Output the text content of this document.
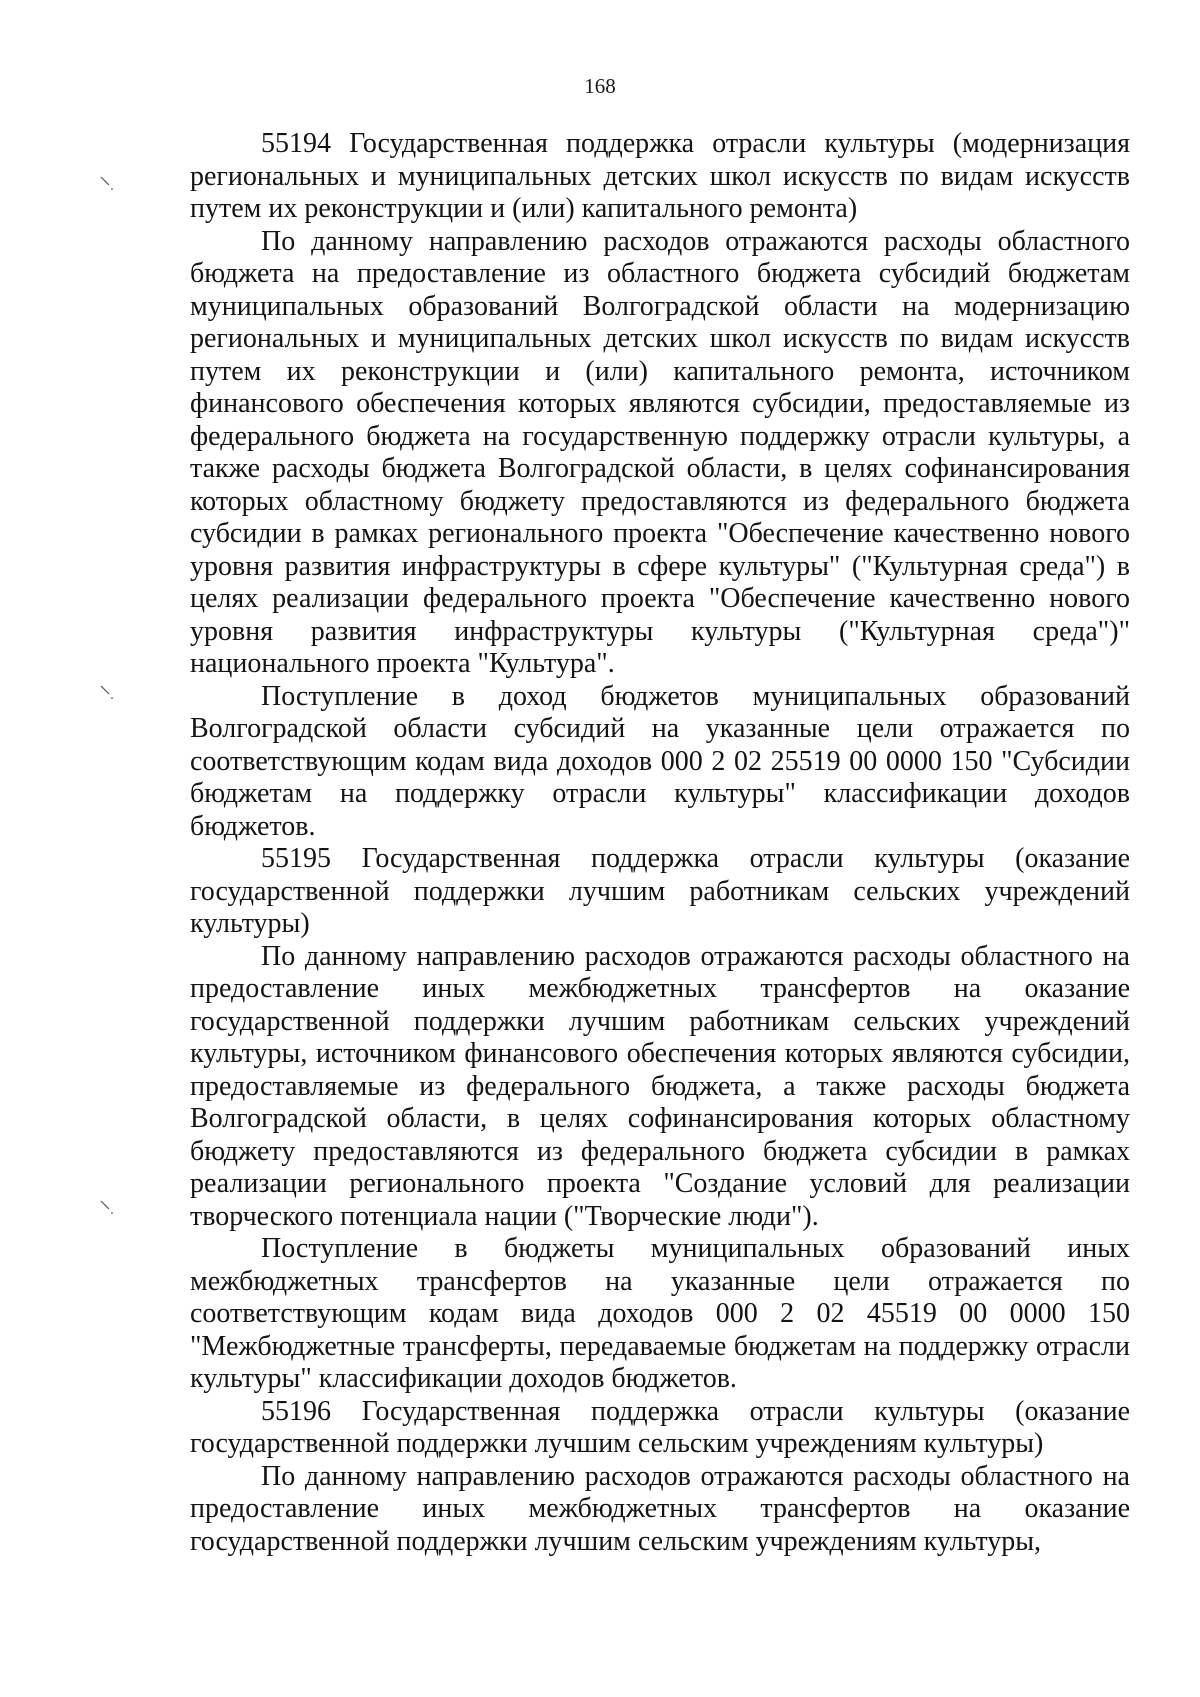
168

55194 Государственная поддержка отрасли культуры (модернизация региональных и муниципальных детских школ искусств по видам искусств путем их реконструкции и (или) капитального ремонта)

По данному направлению расходов отражаются расходы областного бюджета на предоставление из областного бюджета субсидий бюджетам муниципальных образований Волгоградской области на модернизацию региональных и муниципальных детских школ искусств по видам искусств путем их реконструкции и (или) капитального ремонта, источником финансового обеспечения которых являются субсидии, предоставляемые из федерального бюджета на государственную поддержку отрасли культуры, а также расходы бюджета Волгоградской области, в целях софинансирования которых областному бюджету предоставляются из федерального бюджета субсидии в рамках регионального проекта "Обеспечение качественно нового уровня развития инфраструктуры в сфере культуры" ("Культурная среда") в целях реализации федерального проекта "Обеспечение качественно нового уровня развития инфраструктуры культуры ("Культурная среда")" национального проекта "Культура".

Поступление в доход бюджетов муниципальных образований Волгоградской области субсидий на указанные цели отражается по соответствующим кодам вида доходов 000 2 02 25519 00 0000 150 "Субсидии бюджетам на поддержку отрасли культуры" классификации доходов бюджетов.

55195 Государственная поддержка отрасли культуры (оказание государственной поддержки лучшим работникам сельских учреждений культуры)

По данному направлению расходов отражаются расходы областного на предоставление иных межбюджетных трансфертов на оказание государственной поддержки лучшим работникам сельских учреждений культуры, источником финансового обеспечения которых являются субсидии, предоставляемые из федерального бюджета, а также расходы бюджета Волгоградской области, в целях софинансирования которых областному бюджету предоставляются из федерального бюджета субсидии в рамках реализации регионального проекта "Создание условий для реализации творческого потенциала нации ("Творческие люди").

Поступление в бюджеты муниципальных образований иных межбюджетных трансфертов на указанные цели отражается по соответствующим кодам вида доходов 000 2 02 45519 00 0000 150 "Межбюджетные трансферты, передаваемые бюджетам на поддержку отрасли культуры" классификации доходов бюджетов.

55196 Государственная поддержка отрасли культуры (оказание государственной поддержки лучшим сельским учреждениям культуры)

По данному направлению расходов отражаются расходы областного на предоставление иных межбюджетных трансфертов на оказание государственной поддержки лучшим сельским учреждениям культуры,
